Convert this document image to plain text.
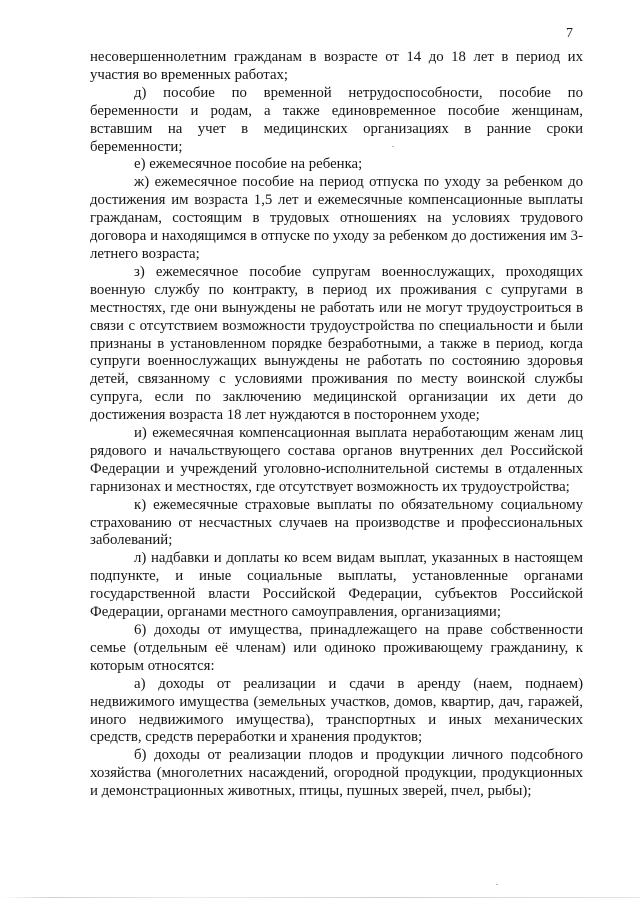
7

несовершеннолетним гражданам в возрасте от 14 до 18 лет в период их участия во временных работах;

д) пособие по временной нетрудоспособности, пособие по беременности и родам, а также единовременное пособие женщинам, вставшим на учет в медицинских организациях в ранние сроки беременности;

е) ежемесячное пособие на ребенка;

ж) ежемесячное пособие на период отпуска по уходу за ребенком до достижения им возраста 1,5 лет и ежемесячные компенсационные выплаты гражданам, состоящим в трудовых отношениях на условиях трудового договора и находящимся в отпуске по уходу за ребенком до достижения им 3-летнего возраста;

з) ежемесячное пособие супругам военнослужащих, проходящих военную службу по контракту, в период их проживания с супругами в местностях, где они вынуждены не работать или не могут трудоустроиться в связи с отсутствием возможности трудоустройства по специальности и были признаны в установленном порядке безработными, а также в период, когда супруги военнослужащих вынуждены не работать по состоянию здоровья детей, связанному с условиями проживания по месту воинской службы супруга, если по заключению медицинской организации их дети до достижения возраста 18 лет нуждаются в постороннем уходе;

и) ежемесячная компенсационная выплата неработающим женам лиц рядового и начальствующего состава органов внутренних дел Российской Федерации и учреждений уголовно-исполнительной системы в отдаленных гарнизонах и местностях, где отсутствует возможность их трудоустройства;

к) ежемесячные страховые выплаты по обязательному социальному страхованию от несчастных случаев на производстве и профессиональных заболеваний;

л) надбавки и доплаты ко всем видам выплат, указанных в настоящем подпункте, и иные социальные выплаты, установленные органами государственной власти Российской Федерации, субъектов Российской Федерации, органами местного самоуправления, организациями;

6) доходы от имущества, принадлежащего на праве собственности семье (отдельным её членам) или одиноко проживающему гражданину, к которым относятся:

а) доходы от реализации и сдачи в аренду (наем, поднаем) недвижимого имущества (земельных участков, домов, квартир, дач, гаражей, иного недвижимого имущества), транспортных и иных механических средств, средств переработки и хранения продуктов;

б) доходы от реализации плодов и продукции личного подсобного хозяйства (многолетних насаждений, огородной продукции, продукционных и демонстрационных животных, птицы, пушных зверей, пчел, рыбы);
